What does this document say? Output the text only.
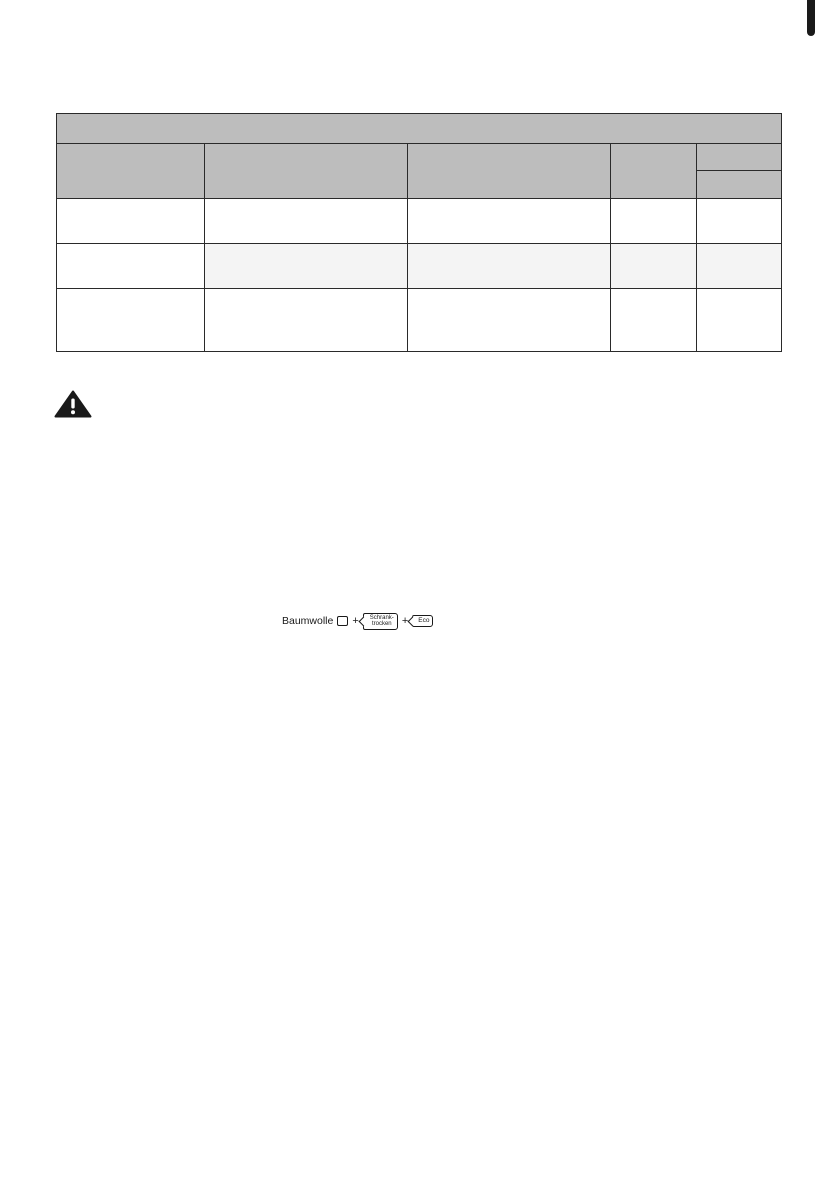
Baumwolle + Schrank-
trocken + Eco
